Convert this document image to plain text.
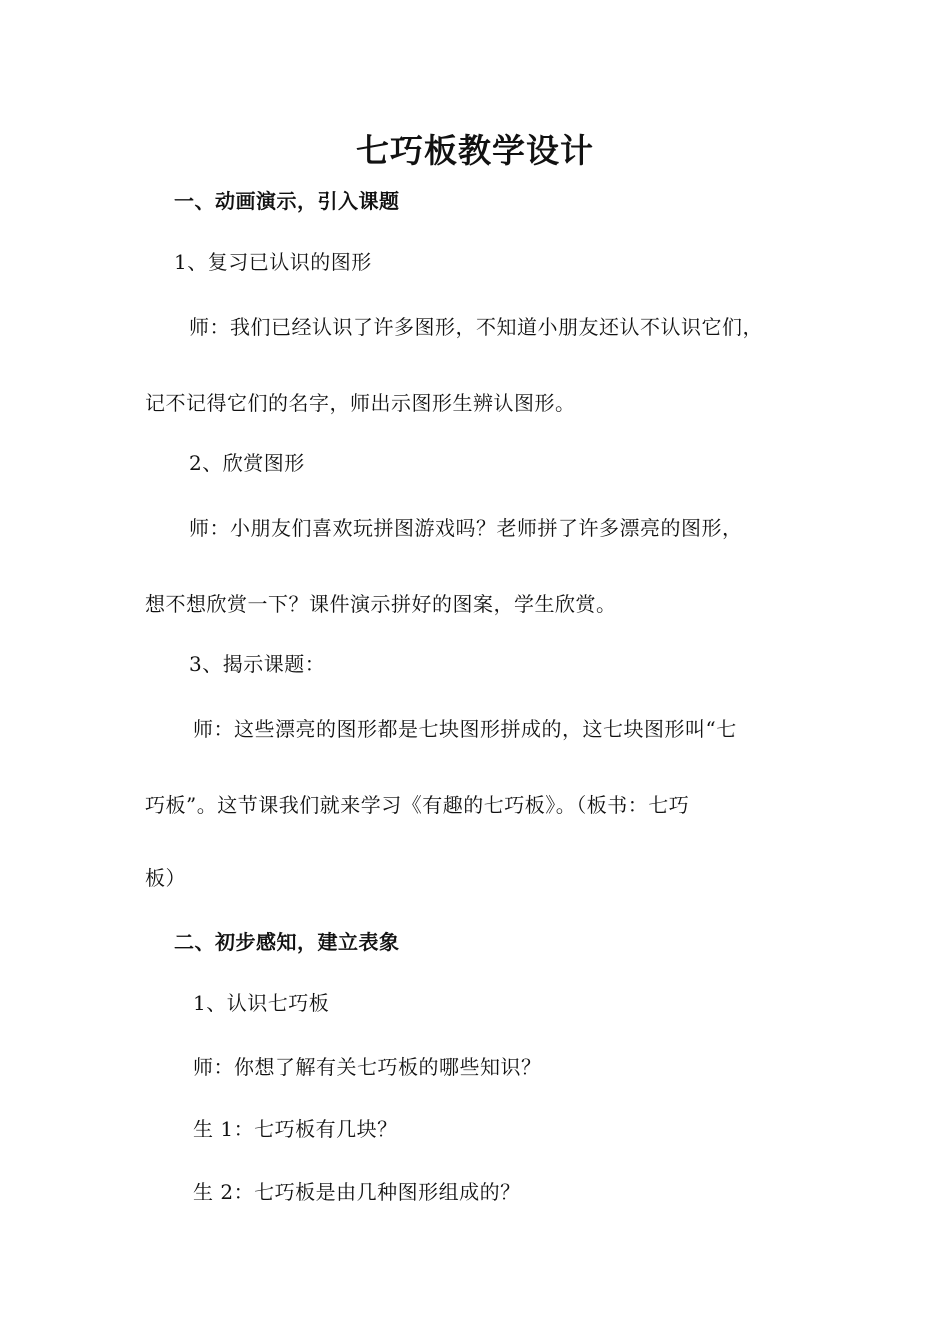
七巧板教学设计
一、动画演示，引入课题
1、复习已认识的图形
师：我们已经认识了许多图形，不知道小朋友还认不认识它们，
记不记得它们的名字，师出示图形生辨认图形。
2、欣赏图形
师：小朋友们喜欢玩拼图游戏吗？老师拼了许多漂亮的图形，
想不想欣赏一下？课件演示拼好的图案，学生欣赏。
3、揭示课题：
师：这些漂亮的图形都是七块图形拼成的，这七块图形叫“七
巧板”。这节课我们就来学习《有趣的七巧板》。（板书：七巧
板）
二、初步感知，建立表象
1、认识七巧板
师：你想了解有关七巧板的哪些知识？
生 1：七巧板有几块？
生 2：七巧板是由几种图形组成的？
